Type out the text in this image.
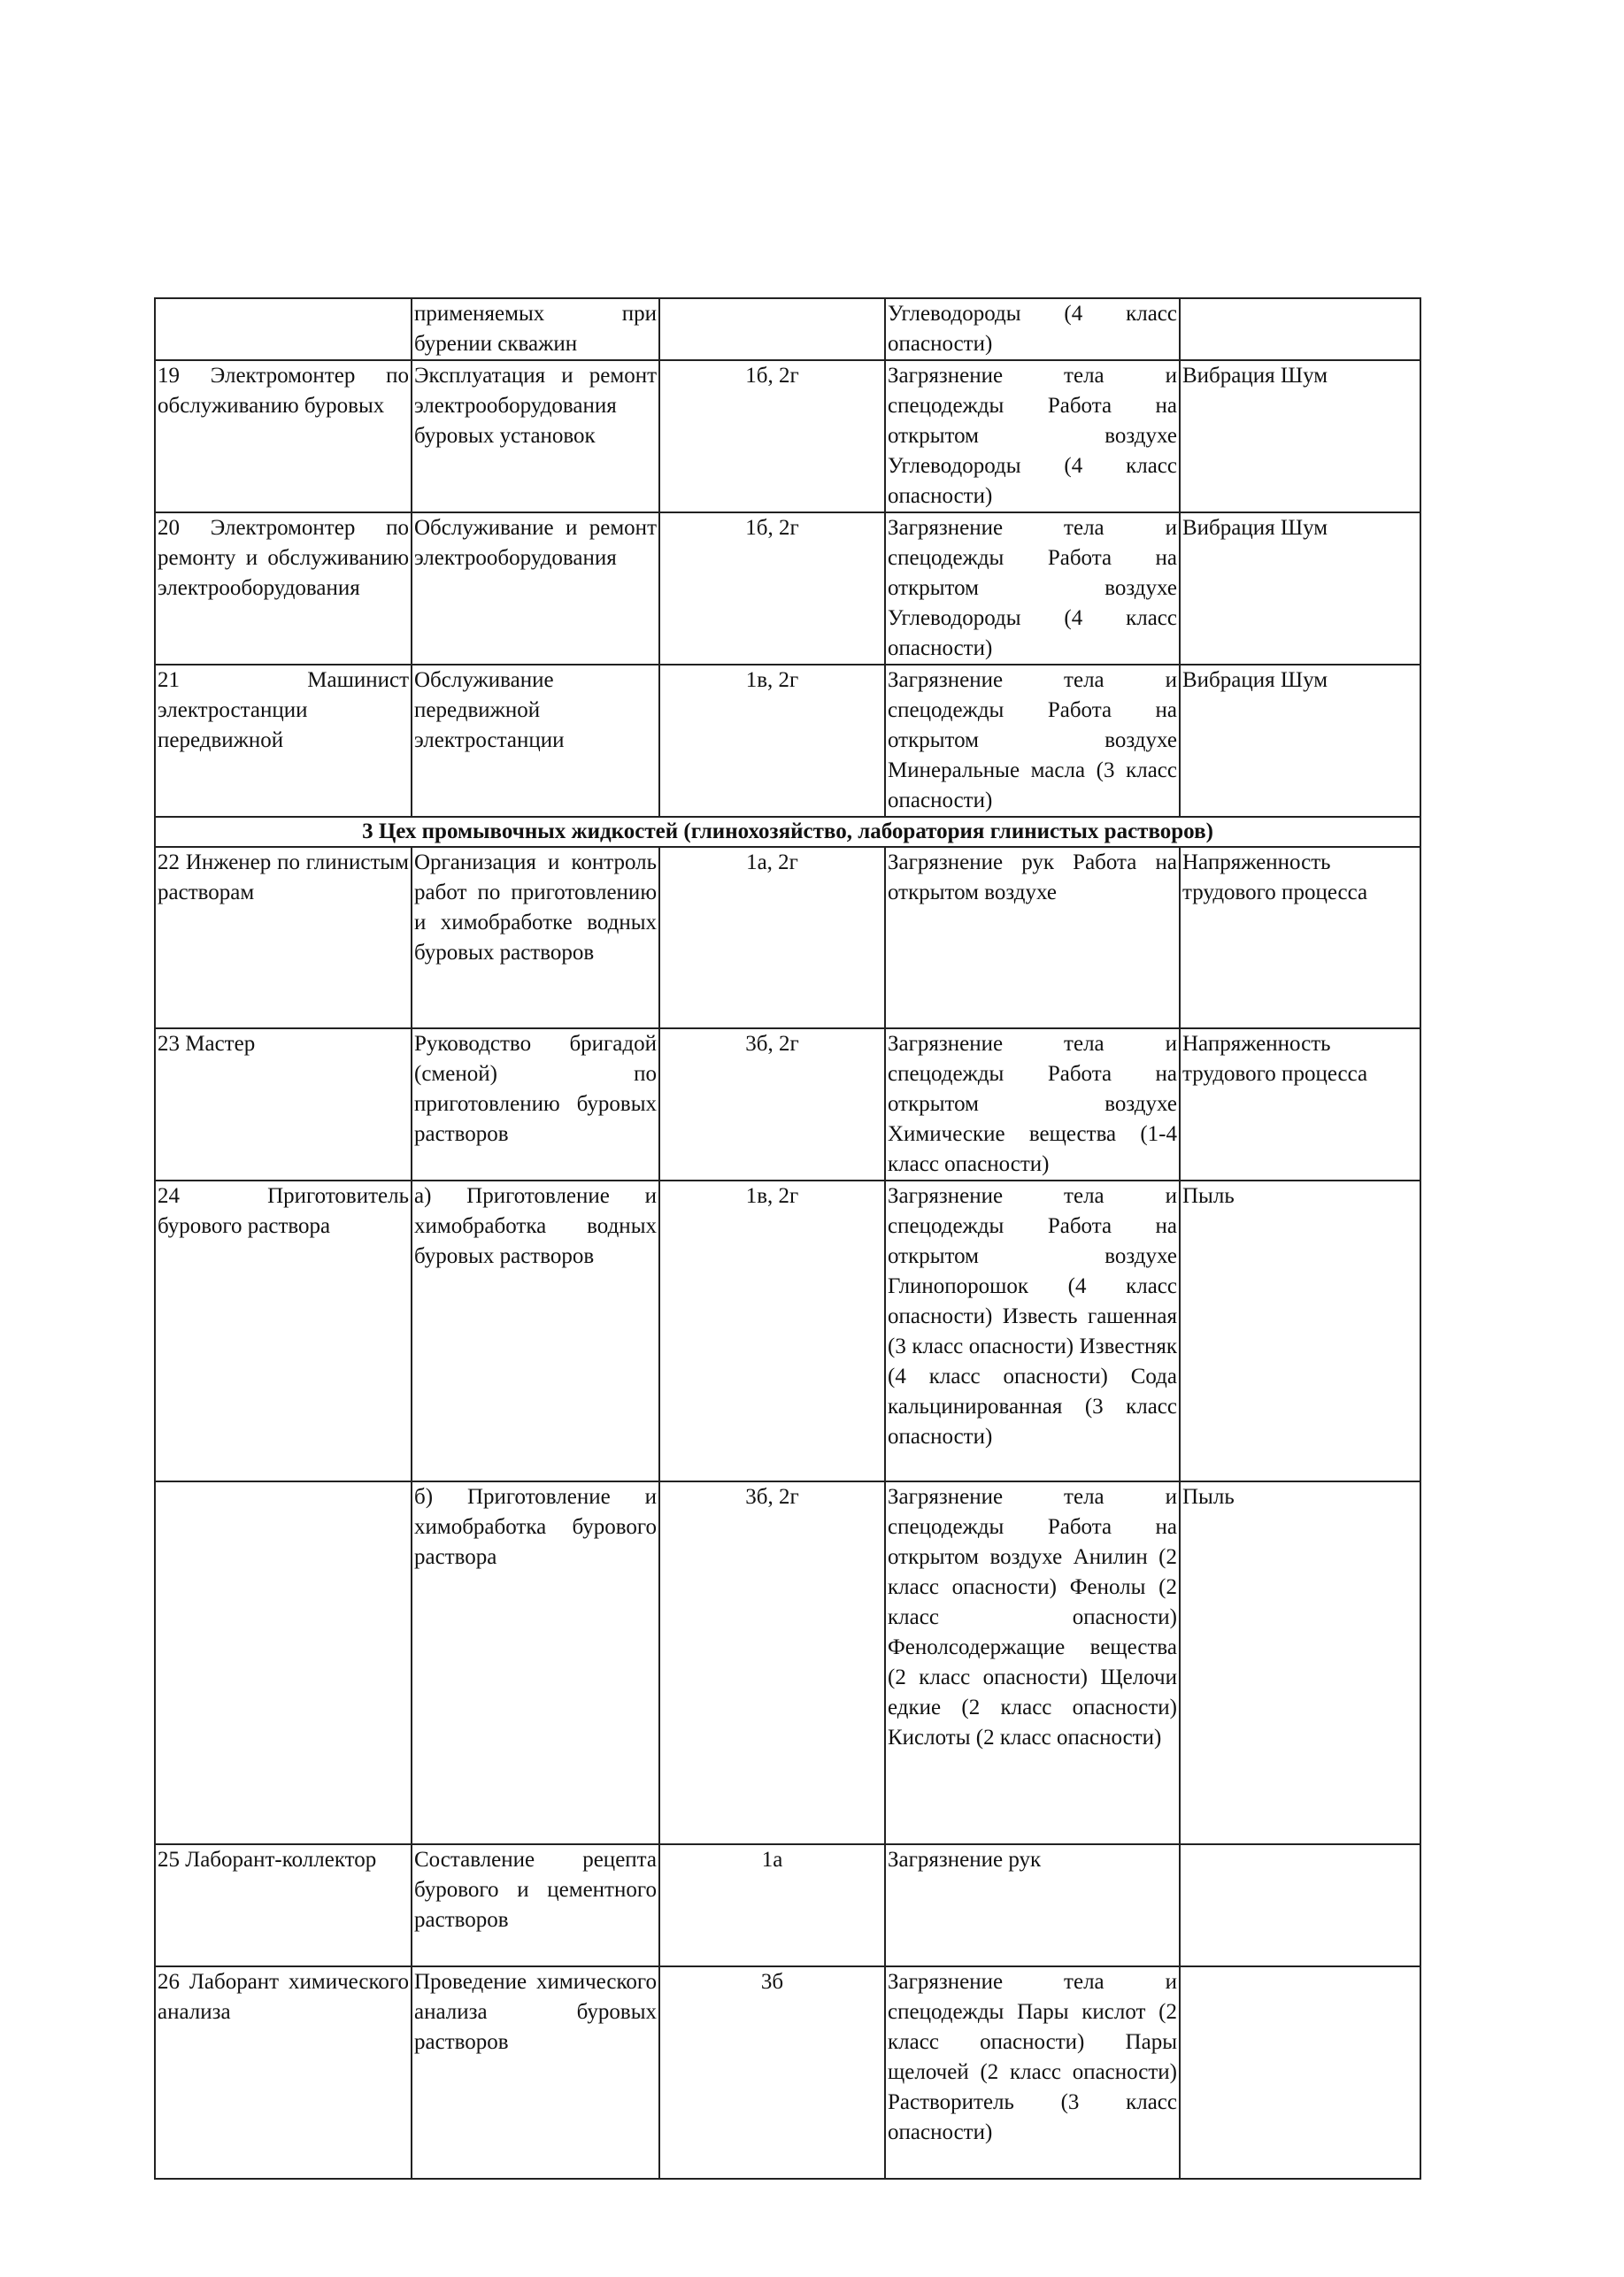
	применяемых при бурении скважин		Углеводороды (4 класс опасности)	
19 Электромонтер по обслуживанию буровых	Эксплуатация и ремонт электрооборудования буровых установок	1б, 2г	Загрязнение тела и спецодежды Работа на открытом воздухе Углеводороды (4 класс опасности)	Вибрация Шум
20 Электромонтер по ремонту и обслуживанию электрооборудования	Обслуживание и ремонт электрооборудования	1б, 2г	Загрязнение тела и спецодежды Работа на открытом воздухе Углеводороды (4 класс опасности)	Вибрация Шум
21 Машинист электростанции передвижной	Обслуживание передвижной электростанции	1в, 2г	Загрязнение тела и спецодежды Работа на открытом воздухе Минеральные масла (3 класс опасности)	Вибрация Шум
3 Цех промывочных жидкостей (глинохозяйство, лаборатория глинистых растворов)				
22 Инженер по глинистым растворам	Организация и контроль работ по приготовлению и химобработке водных буровых растворов	1а, 2г	Загрязнение рук Работа на открытом воздухе	Напряженность трудового процесса
23 Мастер	Руководство бригадой (сменой) по приготовлению буровых растворов	3б, 2г	Загрязнение тела и спецодежды Работа на открытом воздухе Химические вещества (1-4 класс опасности)	Напряженность трудового процесса
24 Приготовитель бурового раствора	а) Приготовление и химобработка водных буровых растворов	1в, 2г	Загрязнение тела и спецодежды Работа на открытом воздухе Глинопорошок (4 класс опасности) Известь гашенная (3 класс опасности) Известняк (4 класс опасности) Сода кальцинированная (3 класс опасности)	Пыль
	б) Приготовление и химобработка бурового раствора	3б, 2г	Загрязнение тела и спецодежды Работа на открытом воздухе Анилин (2 класс опасности) Фенолы (2 класс опасности) Фенолсодержащие вещества (2 класс опасности) Щелочи едкие (2 класс опасности) Кислоты (2 класс опасности)	Пыль
25 Лаборант-коллектор	Составление рецепта бурового и цементного растворов	1а	Загрязнение рук	
26 Лаборант химического анализа	Проведение химического анализа буровых растворов	3б	Загрязнение тела и спецодежды Пары кислот (2 класс опасности) Пары щелочей (2 класс опасности) Растворитель (3 класс опасности)	
